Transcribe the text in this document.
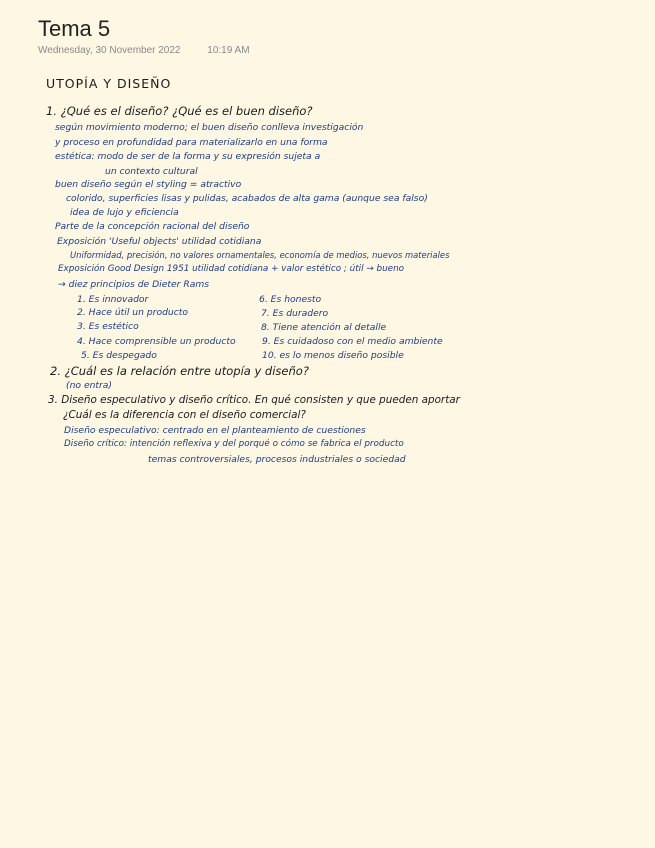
Tema 5
Wednesday, 30 November 2022	10:19 AM
UTOPÍA Y DISEÑO
1. ¿Qué es el diseño? ¿Qué es el buen diseño?
según movimiento moderno; el buen diseño conlleva investigación
y proceso en profundidad para materializarlo en una forma
estética: modo de ser de la forma y su expresión sujeta a
un contexto cultural
buen diseño según el styling = atractivo
colorido, superficies lisas y pulidas, acabados de alta gama (aunque sea falso)
idea de lujo y eficiencia
Parte de la concepción racional del diseño
Exposición 'Useful objects' utilidad cotidiana
Uniformidad, precisión, no valores ornamentales, economía de medios, nuevos materiales
Exposición Good Design 1951 utilidad cotidiana + valor estético ; útil → bueno
→ diez principios de Dieter Rams
1. Es innovador
2. Hace útil un producto
3. Es estético
4. Hace comprensible un producto
5. Es despegado
6. Es honesto
7. Es duradero
8. Tiene atención al detalle
9. Es cuidadoso con el medio ambiente
10. es lo menos diseño posible
2. ¿Cuál es la relación entre utopía y diseño?
(no entra)
3. Diseño especulativo y diseño crítico. En qué consisten y que pueden aportar
¿Cuál es la diferencia con el diseño comercial?
Diseño especulativo: centrado en el planteamiento de cuestiones
Diseño crítico: intención reflexiva y del porqué o cómo se fabrica el producto
temas controversiales, procesos industriales o sociedad
